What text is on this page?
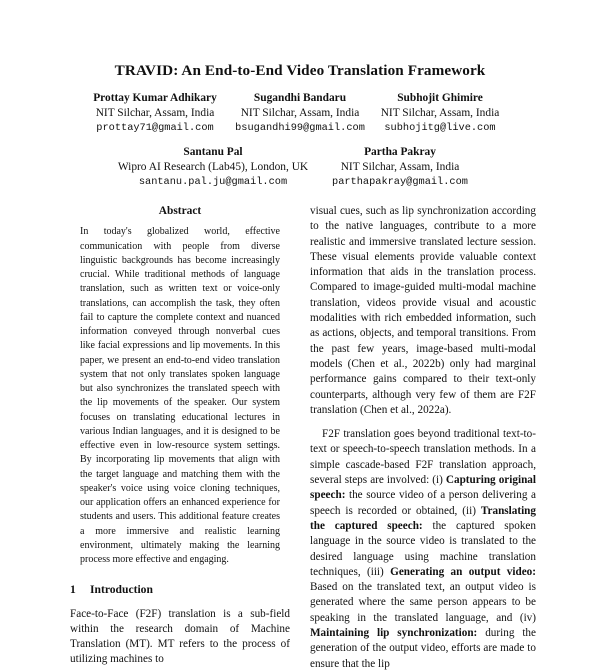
TRAVID: An End-to-End Video Translation Framework
Prottay Kumar Adhikary
NIT Silchar, Assam, India
prottay71@gmail.com
Sugandhi Bandaru
NIT Silchar, Assam, India
bsugandhi99@gmail.com
Subhojit Ghimire
NIT Silchar, Assam, India
subhojitg@live.com
Santanu Pal
Wipro AI Research (Lab45), London, UK
santanu.pal.ju@gmail.com
Partha Pakray
NIT Silchar, Assam, India
parthapakray@gmail.com
Abstract

In today's globalized world, effective communication with people from diverse linguistic backgrounds has become increasingly crucial. While traditional methods of language translation, such as written text or voice-only translations, can accomplish the task, they often fail to capture the complete context and nuanced information conveyed through nonverbal cues like facial expressions and lip movements. In this paper, we present an end-to-end video translation system that not only translates spoken language but also synchronizes the translated speech with the lip movements of the speaker. Our system focuses on translating educational lectures in various Indian languages, and it is designed to be effective even in low-resource system settings. By incorporating lip movements that align with the target language and matching them with the speaker's voice using voice cloning techniques, our application offers an enhanced experience for students and users. This additional feature creates a more immersive and realistic learning environment, ultimately making the learning process more effective and engaging.

1 Introduction

Face-to-Face (F2F) translation is a sub-field within the research domain of Machine Translation (MT). MT refers to the process of utilizing machines to

visual cues, such as lip synchronization according to the native languages, contribute to a more realistic and immersive translated lecture session. These visual elements provide valuable context information that aids in the translation process. Compared to image-guided multi-modal machine translation, videos provide visual and acoustic modalities with rich embedded information, such as actions, objects, and temporal transitions. From the past few years, image-based multi-modal models (Chen et al., 2022b) only had marginal performance gains compared to their text-only counterparts, although very few of them are F2F translation (Chen et al., 2022a).

F2F translation goes beyond traditional text-to-text or speech-to-speech translation methods. In a simple cascade-based F2F translation approach, several steps are involved: (i) Capturing original speech: the source video of a person delivering a speech is recorded or obtained, (ii) Translating the captured speech: the captured spoken language in the source video is translated to the desired language using machine translation techniques, (iii) Generating an output video: Based on the translated text, an output video is generated where the same person appears to be speaking in the translated language, and (iv) Maintaining lip synchronization: during the generation of the output video, efforts are made to ensure that the lip
